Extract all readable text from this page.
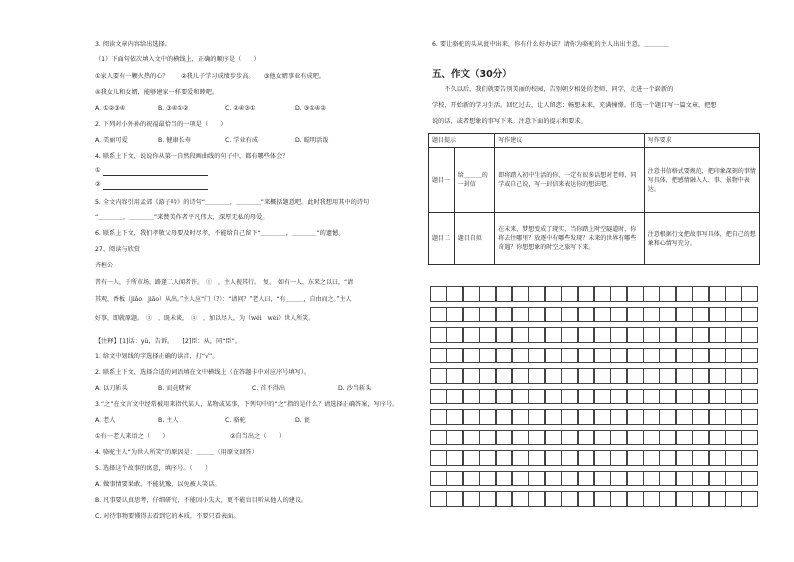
3. 阅读文章内容给出选择。
（1）下面句依次填入文中的横线上，正确的顺序是（　　）
①家人要有一颗火热的心？　　②我儿子学习成绩步步高。　　③他女婿事业有成吧。
④我女儿和女婿，能够建家一样要爱和睦吧。
A. ①②③④	B. ③④①②	C. ②④③①	D. ③①④②
2. 下列对小外孙的祝福最恰当的一项是（　　）
A. 美丽可爱	B. 健康长寿	C. 学业有成	D. 聪明活泼
4. 联系上下文，说说你从第一自然段画曲线的句子中，都有哪些体会？
①
②
5. 全文内容引用孟郊《游子吟》的诗句“＿＿＿＿，＿＿＿＿”来概括题意吧。此时我想用其中的诗句
“＿＿＿＿，＿＿＿＿”来赞美作者平凡伟大，深厚无私的母爱。
6. 联系上下文，我们孝敬父母要及时尽孝，不能给自己留下“＿＿＿＿，＿＿＿＿”的遗憾。
27、阅读与欣赏
齐桓公
昔有一人，于所市场。路逢二人闻者许。　①　，主人视其行。　复。　如有一人，东来之以曰，“请
其观，香板（jiǎo　jiāo）从出。”主人应“门（?）：“请问？”老人曰，“有＿＿＿，自由而之。”主人
好事，即就原题。　③　，既未谈，　④　，加以尽人，为（wéi　wèi）世人所笑。
【注释】[1]话：yù，告诉。　　[2]臣：从，同“臣”。
1. 给文中划线的字选择正确的读音，打“√”。
2. 联系上下文，选择合适的词语填在文中横线上（在答题卡中对应序号填写）。
A. 以刀斩头	B. 而竟赌害	C. 首不得出	D. 沙当斩头
3.“之”在文言文中经常被用来指代某人、某物或某事，下列句中的“之”指的是什么？请选择正确答案，写序号。
A. 老人	B. 主人	C. 骆驼	D. 瓮
①有一老人来语之（　　）	②自当出之（　　）
4. 骆驼主人“为世人所笑”的原因是：＿＿＿（用原文回答）
5. 选择这个故事的寓意，填序号。（　　）
A. 做事情要果敢，不能犹豫，以免被人笑话。
B. 凡事要认真思考，仔细研究，不能因小失大，更不能盲目听从他人的建议。
C. 对待事物要懂得去看到它的本质，不要只看表面。
6. 要让骆驼的头从瓮中出来，你有什么好办法？请你为骆驼的主人出出主意。＿＿＿＿
五、作文（30分）
　　不久以后，我们就要告别美丽的校园，告别朝夕相处的老师、同学，走进一个崭新的
学校，开始新的学习生活。回忆过去，让人留恋；畅想未来，充满憧憬。任选一个题目写一篇文章，把想
说的话，或者想象的事写下来。注意下面的提示和要求。
题目提示		写作建议	写作要求
题目一	给＿＿＿的一封信	即将踏入初中生活的你，一定有很多话想对老师、同学或自己说，写一封信来表达你的想法吧。	注意书信格式要规范，把印象深刻的事情写具体，把感情融入人、事、景物中表达。
题目二	题目自拟	在未来，梦想变成了现实，当你踏上时空隧道时，你将去往哪里？放逐中有哪些发现？未来的世界有哪些奇遇？你想想象的时空之旅写下来。	注意根据行文把故事写具体，把自己的想象和心情写充分。
